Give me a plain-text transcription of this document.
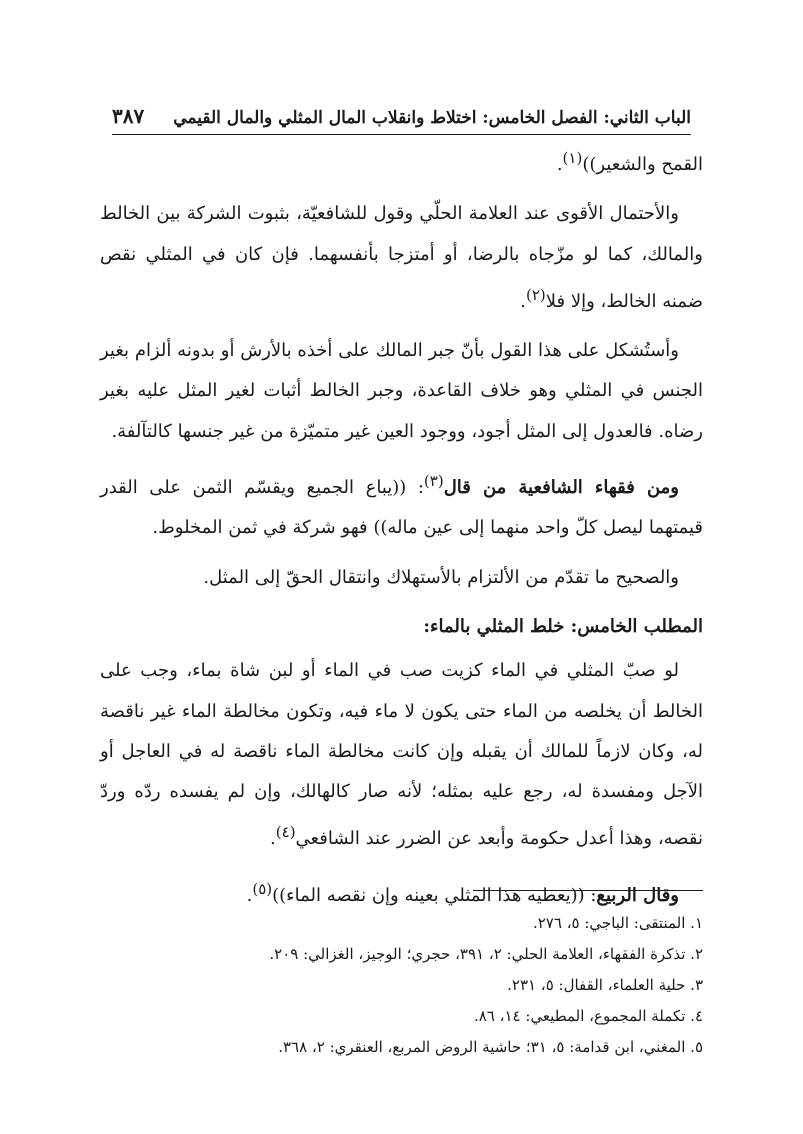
الباب الثاني: الفصل الخامس: اختلاط وانقلاب المال المثلي والمال القيمي
٣٨٧

القمح والشعير))$^{(١)}$.

والأحتمال الأقوى عند العلامة الحلّي وقول للشافعيّة، بثبوت الشركة بين الخالط والمالك، كما لو مزّجاه بالرضا، أو أمتزجا بأنفسهما. فإن كان في المثلي نقص ضمنه الخالط، وإلا فلا$^{(٢)}$.

وأستُشكل على هذا القول بأنّ جبر المالك على أخذه بالأرش أو بدونه ألزام بغير الجنس في المثلي وهو خلاف القاعدة، وجبر الخالط أثبات لغير المثل عليه بغير رضاه. فالعدول إلى المثل أجود، ووجود العين غير متميّزة من غير جنسها كالتآلفة.

ومن فقهاء الشافعية من قال$^{(٣)}$: ((يباع الجميع ويقسّم الثمن على القدر قيمتهما ليصل كلّ واحد منهما إلى عين ماله)) فهو شركة في ثمن المخلوط.

والصحيح ما تقدّم من الألتزام بالأستهلاك وانتقال الحقّ إلى المثل.

المطلب الخامس: خلط المثلي بالماء:

لو صبّ المثلي في الماء كزيت صب في الماء أو لبن شاة بماء، وجب على الخالط أن يخلصه من الماء حتى يكون لا ماء فيه، وتكون مخالطة الماء غير ناقصة له، وكان لازماً للمالك أن يقبله وإن كانت مخالطة الماء ناقصة له في العاجل أو الآجل ومفسدة له، رجع عليه بمثله؛ لأنه صار كالهالك، وإن لم يفسده ردّه وردّ نقصه، وهذا أعدل حكومة وأبعد عن الضرر عند الشافعي$^{(٤)}$.

وقال الربيع: ((يعطيه هذا المثلي بعينه وإن نقصه الماء))$^{(٥)}$.

١. المنتقى: الباجي: ٥، ٢٧٦.
٢. تذكرة الفقهاء، العلامة الحلي: ٢، ٣٩١، حجري؛ الوجيز، الغزالي: ٢٠٩.
٣. حلية العلماء، القفال: ٥، ٢٣١.
٤. تكملة المجموع، المطيعي: ١٤، ٨٦.
٥. المغني، ابن قدامة: ٥، ٣١؛ حاشية الروض المربع، العنقري: ٢، ٣٦٨.
